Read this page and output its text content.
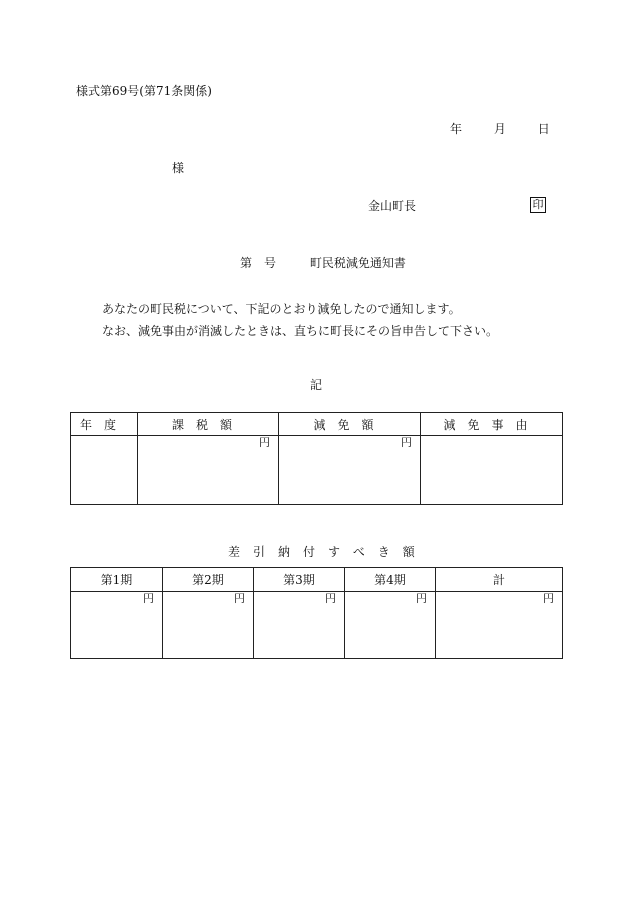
様式第69号(第71条関係)
年	月	日
様
金山町長	印
第　号	町民税減免通知書

あなたの町民税について、下記のとおり減免したので通知します。

なお、減免事由が消滅したときは、直ちに町長にその旨申告して下さい。

記
年度	課税額	減免額	減免事由

	円	円	

差引納付すべき額
第1期	第2期	第3期	第4期	計

円	円	円	円	円
